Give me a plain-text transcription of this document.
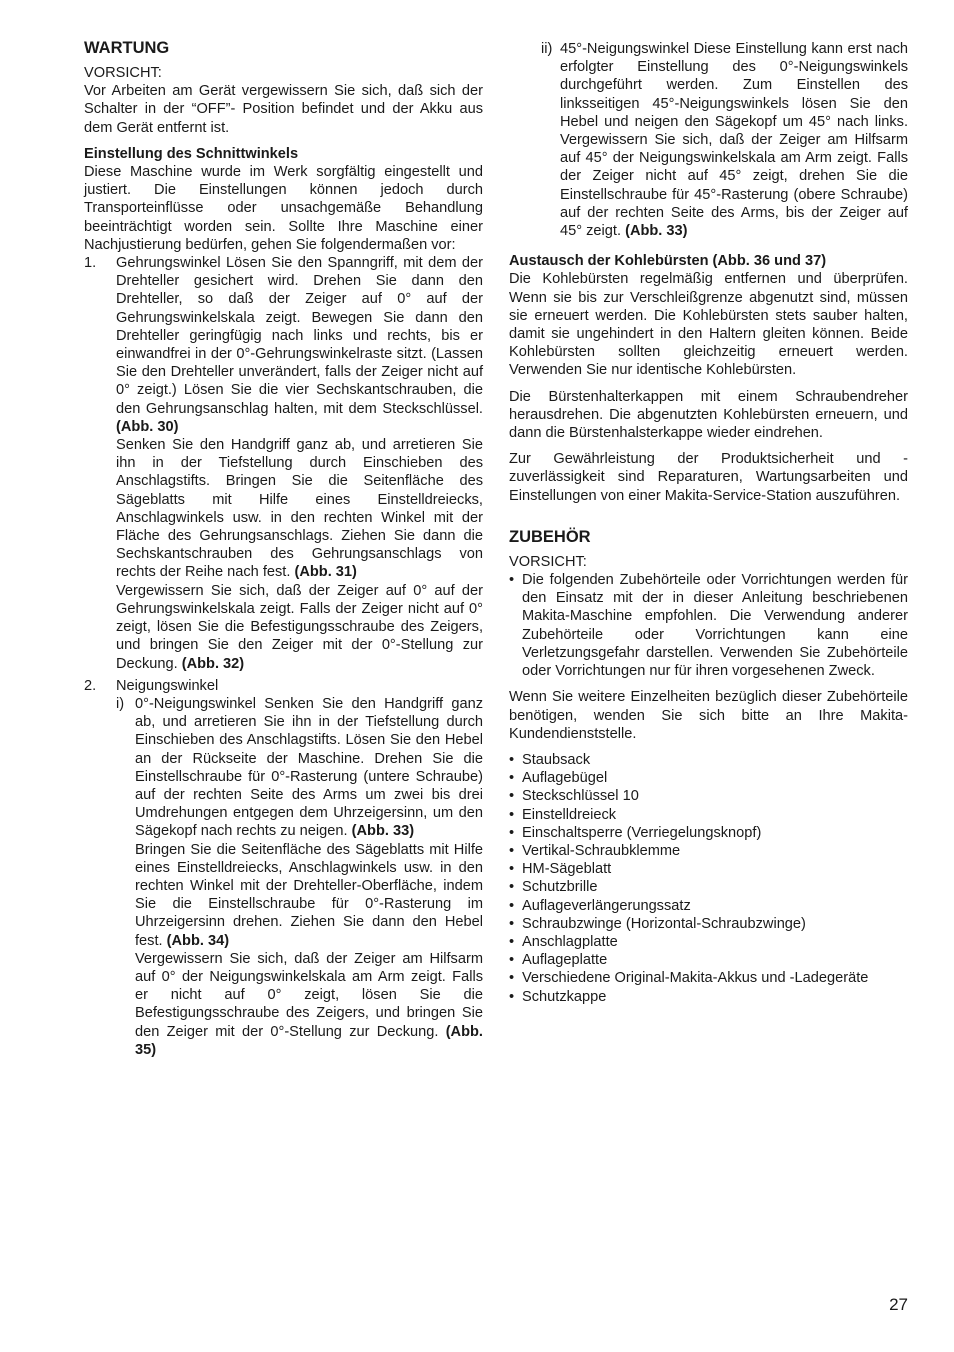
WARTUNG

VORSICHT:

Vor Arbeiten am Gerät vergewissern Sie sich, daß sich der Schalter in der “OFF”- Position befindet und der Akku aus dem Gerät entfernt ist.

Einstellung des Schnittwinkels

Diese Maschine wurde im Werk sorgfältig eingestellt und justiert. Die Einstellungen können jedoch durch Transporteinflüsse oder unsachgemäße Behandlung beeinträchtigt worden sein. Sollte Ihre Maschine einer Nachjustierung bedürfen, gehen Sie folgendermaßen vor:

1.	Gehrungswinkel Lösen Sie den Spanngriff, mit dem der Drehteller gesichert wird. Drehen Sie dann den Drehteller, so daß der Zeiger auf 0° auf der Gehrungswinkelskala zeigt. Bewegen Sie dann den Drehteller geringfügig nach links und rechts, bis er einwandfrei in der 0°-Gehrungswinkelraste sitzt. (Lassen Sie den Drehteller unverändert, falls der Zeiger nicht auf 0° zeigt.) Lösen Sie die vier Sechskantschrauben, die den Gehrungsanschlag halten, mit dem Steckschlüssel. (Abb. 30)

Senken Sie den Handgriff ganz ab, und arretieren Sie ihn in der Tiefstellung durch Einschieben des Anschlagstifts. Bringen Sie die Seitenfläche des Sägeblatts mit Hilfe eines Einstelldreiecks, Anschlagwinkels usw. in den rechten Winkel mit der Fläche des Gehrungsanschlags. Ziehen Sie dann die Sechskantschrauben des Gehrungsanschlags von rechts der Reihe nach fest. (Abb. 31)

Vergewissern Sie sich, daß der Zeiger auf 0° auf der Gehrungswinkelskala zeigt. Falls der Zeiger nicht auf 0° zeigt, lösen Sie die Befestigungsschraube des Zeigers, und bringen Sie den Zeiger mit der 0°-Stellung zur Deckung. (Abb. 32)

2.	Neigungswinkel

i) 0°-Neigungswinkel Senken Sie den Handgriff ganz ab, und arretieren Sie ihn in der Tiefstellung durch Einschieben des Anschlagstifts. Lösen Sie den Hebel an der Rückseite der Maschine. Drehen Sie die Einstellschraube für 0°-Rasterung (untere Schraube) auf der rechten Seite des Arms um zwei bis drei Umdrehungen entgegen dem Uhrzeigersinn, um den Sägekopf nach rechts zu neigen. (Abb. 33)

Bringen Sie die Seitenfläche des Sägeblatts mit Hilfe eines Einstelldreiecks, Anschlagwinkels usw. in den rechten Winkel mit der Drehteller-Oberfläche, indem Sie die Einstellschraube für 0°-Rasterung im Uhrzeigersinn drehen. Ziehen Sie dann den Hebel fest. (Abb. 34)

Vergewissern Sie sich, daß der Zeiger am Hilfsarm auf 0° der Neigungswinkelskala am Arm zeigt. Falls er nicht auf 0° zeigt, lösen Sie die Befestigungsschraube des Zeigers, und bringen Sie den Zeiger mit der 0°-Stellung zur Deckung. (Abb. 35)

ii) 45°-Neigungswinkel Diese Einstellung kann erst nach erfolgter Einstellung des 0°-Neigungswinkels durchgeführt werden. Zum Einstellen des linksseitigen 45°-Neigungswinkels lösen Sie den Hebel und neigen den Sägekopf um 45° nach links. Vergewissern Sie sich, daß der Zeiger am Hilfsarm auf 45° der Neigungswinkelskala am Arm zeigt. Falls der Zeiger nicht auf 45° zeigt, drehen Sie die Einstellschraube für 45°-Rasterung (obere Schraube) auf der rechten Seite des Arms, bis der Zeiger auf 45° zeigt. (Abb. 33)

Austausch der Kohlebürsten (Abb. 36 und 37)

Die Kohlebürsten regelmäßig entfernen und überprüfen. Wenn sie bis zur Verschleißgrenze abgenutzt sind, müssen sie erneuert werden. Die Kohlebürsten stets sauber halten, damit sie ungehindert in den Haltern gleiten können. Beide Kohlebürsten sollten gleichzeitig erneuert werden. Verwenden Sie nur identische Kohlebürsten.

Die Bürstenhalterkappen mit einem Schraubendreher herausdrehen. Die abgenutzten Kohlebürsten erneuern, und dann die Bürstenhalsterkappe wieder eindrehen.

Zur Gewährleistung der Produktsicherheit und -zuverlässigkeit sind Reparaturen, Wartungsarbeiten und Einstellungen von einer Makita-Service-Station auszuführen.

ZUBEHÖR

VORSICHT:

• Die folgenden Zubehörteile oder Vorrichtungen werden für den Einsatz mit der in dieser Anleitung beschriebenen Makita-Maschine empfohlen. Die Verwendung anderer Zubehörteile oder Vorrichtungen kann eine Verletzungsgefahr darstellen. Verwenden Sie Zubehörteile oder Vorrichtungen nur für ihren vorgesehenen Zweck.

Wenn Sie weitere Einzelheiten bezüglich dieser Zubehörteile benötigen, wenden Sie sich bitte an Ihre Makita-Kundendienststelle.

• Staubsack
• Auflagebügel
• Steckschlüssel 10
• Einstelldreieck
• Einschaltsperre (Verriegelungsknopf)
• Vertikal-Schraubklemme
• HM-Sägeblatt
• Schutzbrille
• Auflageverlängerungssatz
• Schraubzwinge (Horizontal-Schraubzwinge)
• Anschlagplatte
• Auflageplatte
• Verschiedene Original-Makita-Akkus und -Ladegeräte
• Schutzkappe
27
